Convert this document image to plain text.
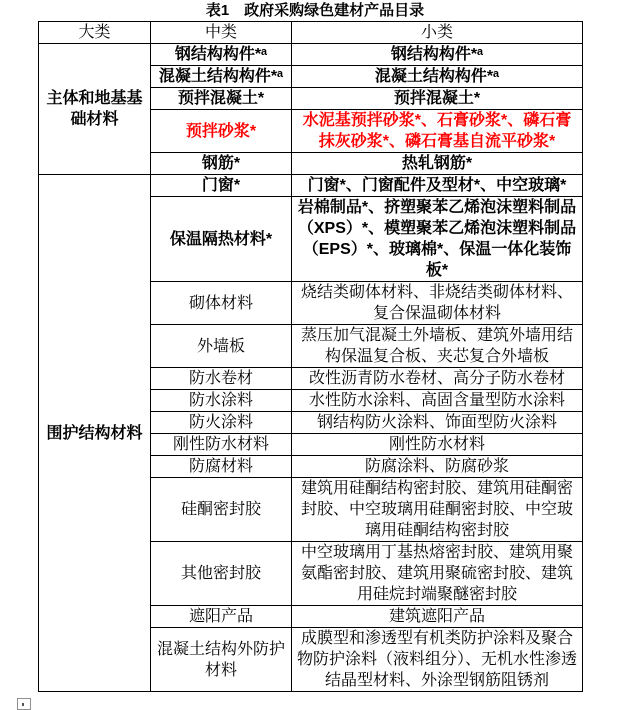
表1　政府采购绿色建材产品目录
大类	中类	小类
主体和地基基础材料	钢结构构件*ᵃ	钢结构构件*ᵃ
	混凝土结构构件*ᵃ	混凝土结构构件*ᵃ
	预拌混凝土*	预拌混凝土*
	预拌砂浆*	水泥基预拌砂浆*、石膏砂浆*、磷石膏抹灰砂浆*、磷石膏基自流平砂浆*
	钢筋*	热轧钢筋*
围护结构材料	门窗*	门窗*、门窗配件及型材*、中空玻璃*
	保温隔热材料*	岩棉制品*、挤塑聚苯乙烯泡沫塑料制品（XPS）*、模塑聚苯乙烯泡沫塑料制品（EPS）*、玻璃棉*、保温一体化装饰板*
	砌体材料	烧结类砌体材料、非烧结类砌体材料、复合保温砌体材料
	外墙板	蒸压加气混凝土外墙板、建筑外墙用结构保温复合板、夹芯复合外墙板
	防水卷材	改性沥青防水卷材、高分子防水卷材
	防水涂料	水性防水涂料、高固含量型防水涂料
	防火涂料	钢结构防火涂料、饰面型防火涂料
	刚性防水材料	刚性防水材料
	防腐材料	防腐涂料、防腐砂浆
	硅酮密封胶	建筑用硅酮结构密封胶、建筑用硅酮密封胶、中空玻璃用硅酮密封胶、中空玻璃用硅酮结构密封胶
	其他密封胶	中空玻璃用丁基热熔密封胶、建筑用聚氨酯密封胶、建筑用聚硫密封胶、建筑用硅烷封端聚醚密封胶
	遮阳产品	建筑遮阳产品
	混凝土结构外防护材料	成膜型和渗透型有机类防护涂料及聚合物防护涂料（液料组分）、无机水性渗透结晶型材料、外涂型钢筋阻锈剂
